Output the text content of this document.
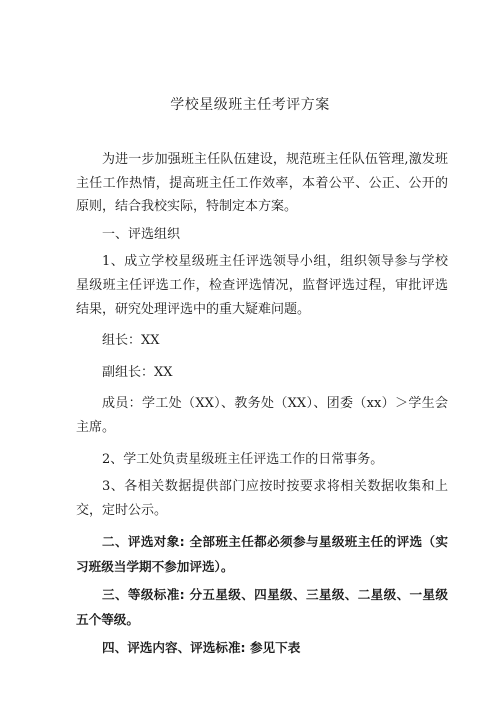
学校星级班主任考评方案

为进一步加强班主任队伍建设，规范班主任队伍管理,激发班主任工作热情，提高班主任工作效率，本着公平、公正、公开的原则，结合我校实际，特制定本方案。

一、评选组织

1、成立学校星级班主任评选领导小组，组织领导参与学校星级班主任评选工作，检查评选情况，监督评选过程，审批评选结果，研究处理评选中的重大疑难问题。

组长：XX

副组长：XX

成员：学工处（XX）、教务处（XX）、团委（xx）＞学生会主席。

2、学工处负责星级班主任评选工作的日常事务。

3、各相关数据提供部门应按时按要求将相关数据收集和上交，定时公示。

二、评选对象: 全部班主任都必须参与星级班主任的评选（实习班级当学期不参加评选）。

三、等级标准: 分五星级、四星级、三星级、二星级、一星级五个等级。

四、评选内容、评选标准: 参见下表
